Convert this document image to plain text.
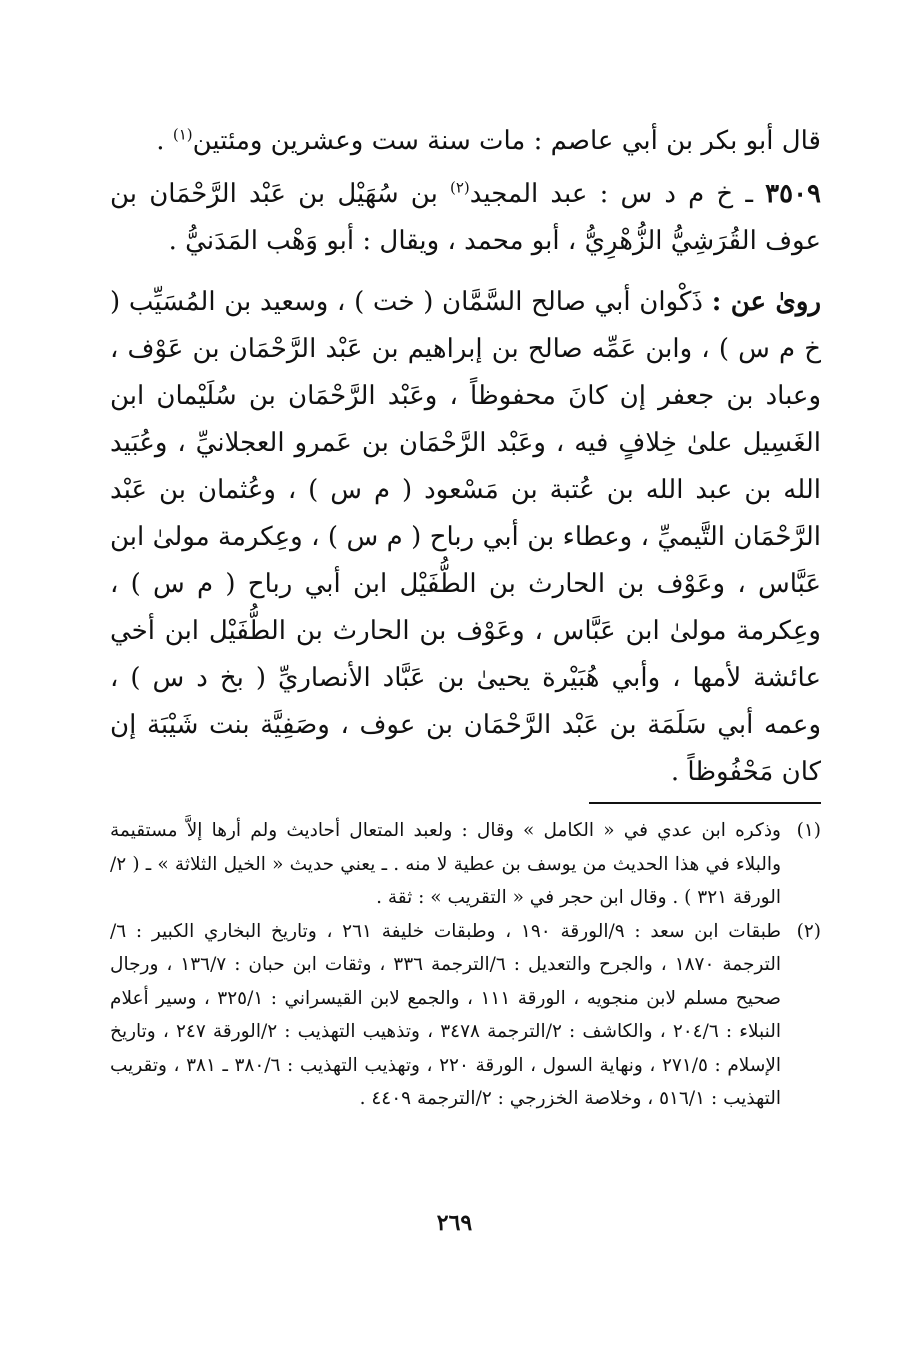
قال أبو بكر بن أبي عاصم : مات سنة ست وعشرين ومئتين$^{(١)}$ .

٣٥٠٩ ـ خ م د س : عبد المجيد$^{(٢)}$ بن سُهَيْل بن عَبْد الرَّحْمَان بن عوف القُرَشِيُّ الزُّهْرِيُّ ، أبو محمد ، ويقال : أبو وَهْب المَدَنيُّ .

روىٰ عن : ذَكْوان أبي صالح السَّمَّان ( خت ) ، وسعيد بن المُسَيِّب ( خ م س ) ، وابن عَمِّه صالح بن إبراهيم بن عَبْد الرَّحْمَان بن عَوْف ، وعباد بن جعفر إن كانَ محفوظاً ، وعَبْد الرَّحْمَان بن سُلَيْمان ابن الغَسِيل علىٰ خِلافٍ فيه ، وعَبْد الرَّحْمَان بن عَمرو العجلانيِّ ، وعُبَيد الله بن عبد الله بن عُتبة بن مَسْعود ( م س ) ، وعُثمان بن عَبْد الرَّحْمَان التَّيميِّ ، وعطاء بن أبي رباح ( م س ) ، وعِكرمة مولىٰ ابن عَبَّاس ، وعَوْف بن الحارث بن الطُّفَيْل ابن أبي رباح ( م س ) ، وعِكرمة مولىٰ ابن عَبَّاس ، وعَوْف بن الحارث بن الطُّفَيْل ابن أخي عائشة لأمها ، وأبي هُبَيْرة يحيىٰ بن عَبَّاد الأنصاريِّ ( بخ د س ) ، وعمه أبي سَلَمَة بن عَبْد الرَّحْمَان بن عوف ، وصَفِيَّة بنت شَيْبَة إن كان مَحْفُوظاً .

(١)
وذكره ابن عدي في « الكامل » وقال : ولعبد المتعال أحاديث ولم أرها إلاَّ مستقيمة والبلاء في هذا الحديث من يوسف بن عطية لا منه . ـ يعني حديث « الخيل الثلاثة » ـ ( ٢/الورقة ٣٢١ ) . وقال ابن حجر في « التقريب » : ثقة .
(٢)
طبقات ابن سعد : ٩/الورقة ١٩٠ ، وطبقات خليفة ٢٦١ ، وتاريخ البخاري الكبير : ٦/الترجمة ١٨٧٠ ، والجرح والتعديل : ٦/الترجمة ٣٣٦ ، وثقات ابن حبان : ١٣٦/٧ ، ورجال صحيح مسلم لابن منجويه ، الورقة ١١١ ، والجمع لابن القيسراني : ٣٢٥/١ ، وسير أعلام النبلاء : ٢٠٤/٦ ، والكاشف : ٢/الترجمة ٣٤٧٨ ، وتذهيب التهذيب : ٢/الورقة ٢٤٧ ، وتاريخ الإسلام : ٢٧١/٥ ، ونهاية السول ، الورقة ٢٢٠ ، وتهذيب التهذيب : ٣٨٠/٦ ـ ٣٨١ ، وتقريب التهذيب : ٥١٦/١ ، وخلاصة الخزرجي : ٢/الترجمة ٤٤٠٩ .
٢٦٩
